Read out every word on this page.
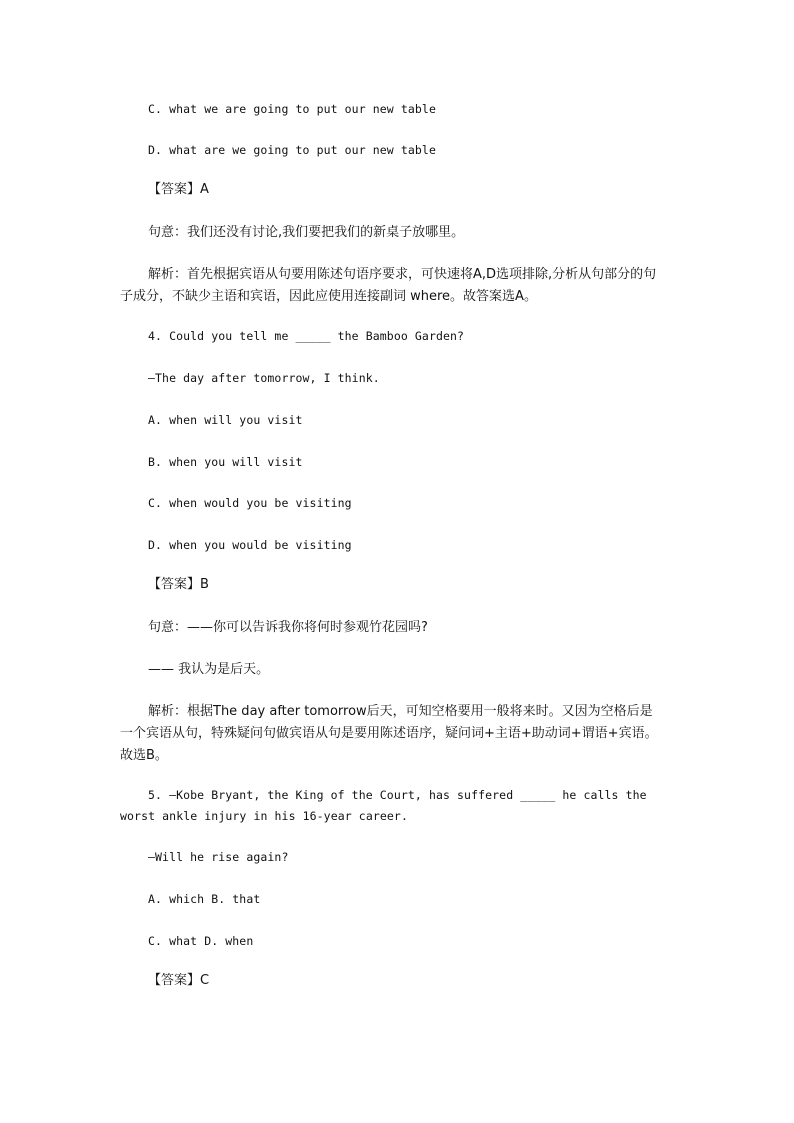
C. what we are going to put our new table
D. what are we going to put our new table
【答案】A
句意：我们还没有讨论,我们要把我们的新桌子放哪里。
解析：首先根据宾语从句要用陈述句语序要求，可快速将A,D选项排除,分析从句部分的句子成分，不缺少主语和宾语，因此应使用连接副词 where。故答案选A。
4. Could you tell me _____ the Bamboo Garden?
—The day after tomorrow, I think.
A. when will you visit
B. when you will visit
C. when would you be visiting
D. when you would be visiting
【答案】B
句意：——你可以告诉我你将何时参观竹花园吗?
—— 我认为是后天。
解析：根据The day after tomorrow后天，可知空格要用一般将来时。又因为空格后是一个宾语从句，特殊疑问句做宾语从句是要用陈述语序，疑问词+主语+助动词+谓语+宾语。故选B。
5. —Kobe Bryant, the King of the Court, has suffered _____ he calls the worst ankle injury in his 16-year career.
—Will he rise again?
A. which B. that
C. what D. when
【答案】C
